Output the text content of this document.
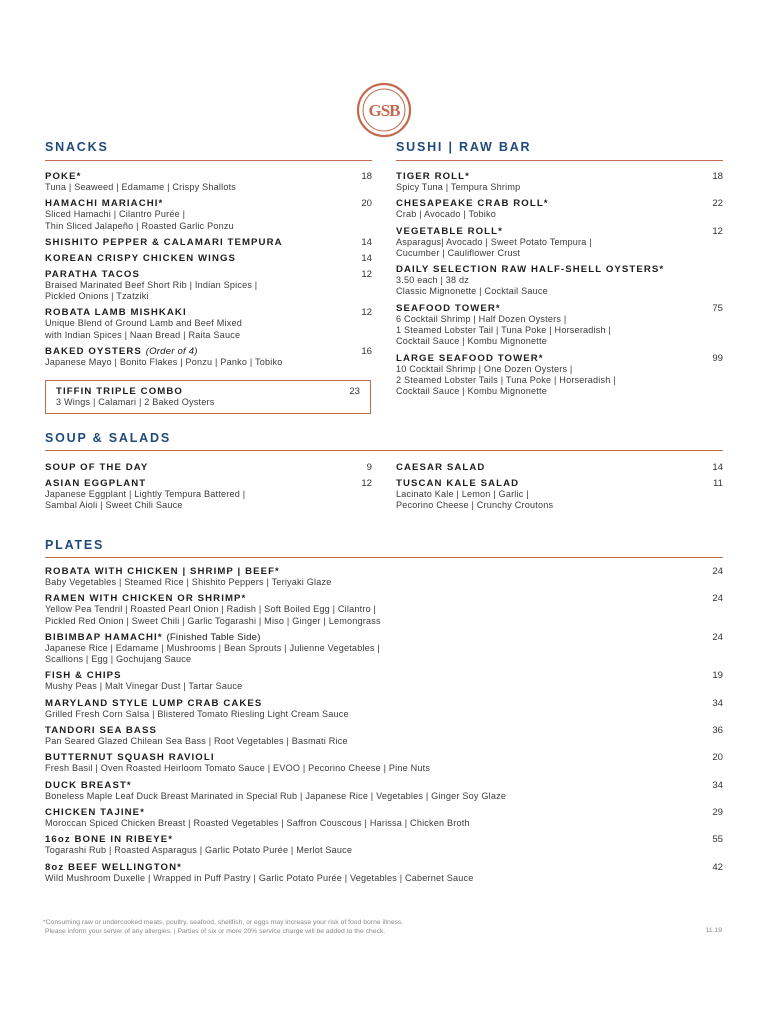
GSB
SNACKS
POKE*	18
Tuna | Seaweed | Edamame | Crispy Shallots
HAMACHI MARIACHI*	20
Sliced Hamachi | Cilantro Purée |
Thin Sliced Jalapeño | Roasted Garlic Ponzu
SHISHITO PEPPER & CALAMARI TEMPURA	14
KOREAN CRISPY CHICKEN WINGS	14
PARATHA TACOS	12
Braised Marinated Beef Short Rib | Indian Spices |
Pickled Onions | Tzatziki
ROBATA LAMB MISHKAKI	12
Unique Blend of Ground Lamb and Beef Mixed
with Indian Spices | Naan Bread | Raita Sauce
BAKED OYSTERS (Order of 4)	16
Japanese Mayo | Bonito Flakes | Ponzu | Panko | Tobiko
TIFFIN TRIPLE COMBO	23
3 Wings | Calamari | 2 Baked Oysters
SUSHI | RAW BAR
TIGER ROLL*	18
Spicy Tuna | Tempura Shrimp
CHESAPEAKE CRAB ROLL*	22
Crab | Avocado | Tobiko
VEGETABLE ROLL*	12
Asparagus| Avocado | Sweet Potato Tempura |
Cucumber | Cauliflower Crust
DAILY SELECTION RAW HALF-SHELL OYSTERS*
3.50 each | 38 dz
Classic Mignonette | Cocktail Sauce
SEAFOOD TOWER*	75
6 Cocktail Shrimp | Half Dozen Oysters |
1 Steamed Lobster Tail | Tuna Poke | Horseradish |
Cocktail Sauce | Kombu Mignonette
LARGE SEAFOOD TOWER*	99
10 Cocktail Shrimp | One Dozen Oysters |
2 Steamed Lobster Tails | Tuna Poke | Horseradish |
Cocktail Sauce | Kombu Mignonette
SOUP & SALADS
SOUP OF THE DAY	9
ASIAN EGGPLANT	12
Japanese Eggplant | Lightly Tempura Battered |
Sambal Aioli | Sweet Chili Sauce
CAESAR SALAD	14
TUSCAN KALE SALAD	11
Lacinato Kale | Lemon | Garlic |
Pecorino Cheese | Crunchy Croutons
PLATES
ROBATA WITH CHICKEN | SHRIMP | BEEF*	24
Baby Vegetables | Steamed Rice | Shishito Peppers | Teriyaki Glaze
RAMEN WITH CHICKEN OR SHRIMP*	24
Yellow Pea Tendril | Roasted Pearl Onion | Radish | Soft Boiled Egg | Cilantro |
Pickled Red Onion | Sweet Chili | Garlic Togarashi | Miso | Ginger | Lemongrass
BIBIMBAP HAMACHI* (Finished Table Side)	24
Japanese Rice | Edamame | Mushrooms | Bean Sprouts | Julienne Vegetables |
Scallions | Egg | Gochujang Sauce
FISH & CHIPS	19
Mushy Peas | Malt Vinegar Dust | Tartar Sauce
MARYLAND STYLE LUMP CRAB CAKES	34
Grilled Fresh Corn Salsa | Blistered Tomato Riesling Light Cream Sauce
TANDORI SEA BASS	36
Pan Seared Glazed Chilean Sea Bass | Root Vegetables | Basmati Rice
BUTTERNUT SQUASH RAVIOLI	20
Fresh Basil | Oven Roasted Heirloom Tomato Sauce | EVOO | Pecorino Cheese | Pine Nuts
DUCK BREAST*	34
Boneless Maple Leaf Duck Breast Marinated in Special Rub | Japanese Rice | Vegetables | Ginger Soy Glaze
CHICKEN TAJINE*	29
Moroccan Spiced Chicken Breast | Roasted Vegetables | Saffron Couscous | Harissa | Chicken Broth
16oz BONE IN RIBEYE*	55
Togarashi Rub | Roasted Asparagus | Garlic Potato Purée | Merlot Sauce
8oz BEEF WELLINGTON*	42
Wild Mushroom Duxelle | Wrapped in Puff Pastry | Garlic Potato Purée | Vegetables | Cabernet Sauce
*Consuming raw or undercooked meats, poultry, seafood, shellfish, or eggs may increase your risk of food borne illness.
Please inform your server of any allergies. | Parties of six or more 20% service charge will be added to the check.	11.19
